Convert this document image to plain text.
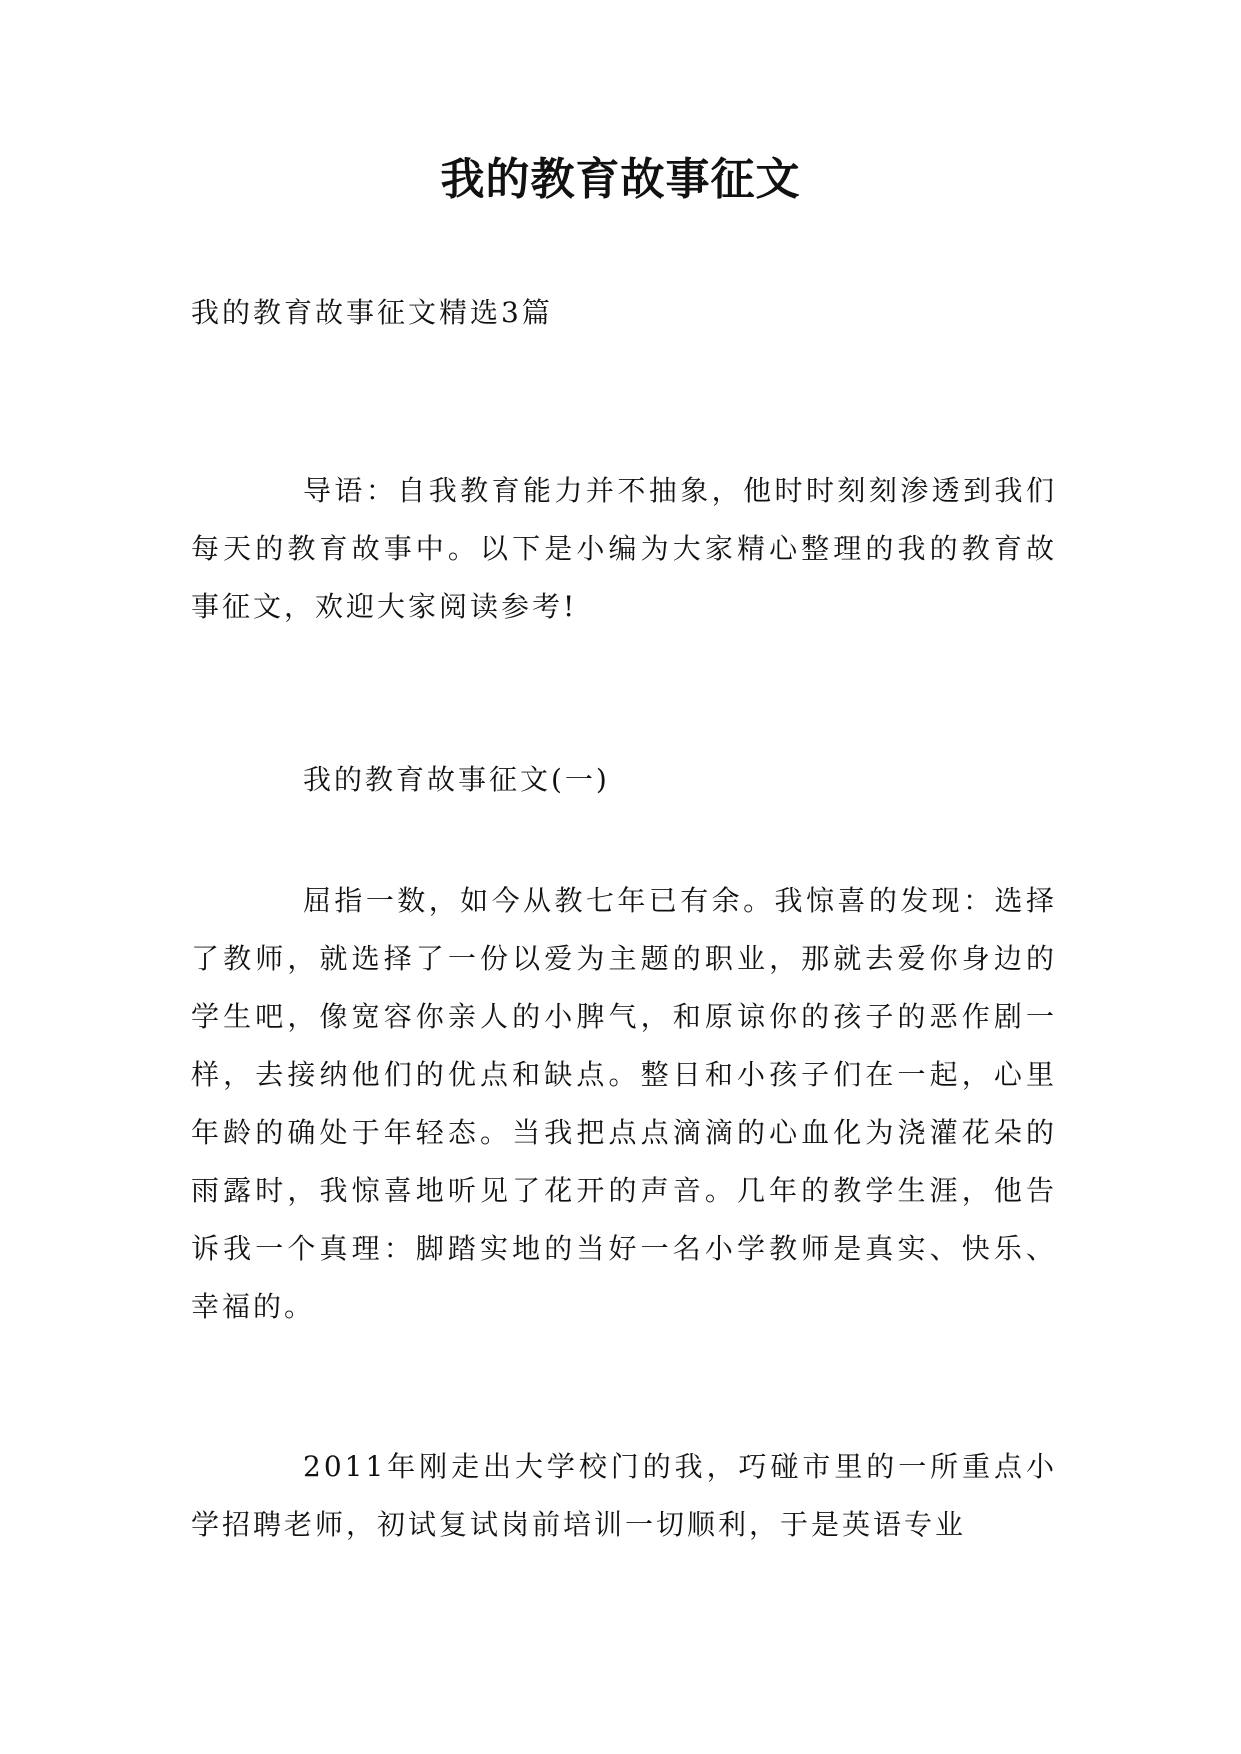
我的教育故事征文
我的教育故事征文精选3篇

导语：自我教育能力并不抽象，他时时刻刻渗透到我们每天的教育故事中。以下是小编为大家精心整理的我的教育故事征文，欢迎大家阅读参考!

我的教育故事征文(一)

屈指一数，如今从教七年已有余。我惊喜的发现：选择了教师，就选择了一份以爱为主题的职业，那就去爱你身边的学生吧，像宽容你亲人的小脾气，和原谅你的孩子的恶作剧一样，去接纳他们的优点和缺点。整日和小孩子们在一起，心里年龄的确处于年轻态。当我把点点滴滴的心血化为浇灌花朵的雨露时，我惊喜地听见了花开的声音。几年的教学生涯，他告诉我一个真理：脚踏实地的当好一名小学教师是真实、快乐、幸福的。

2011年刚走出大学校门的我，巧碰市里的一所重点小学招聘老师，初试复试岗前培训一切顺利，于是英语专业
